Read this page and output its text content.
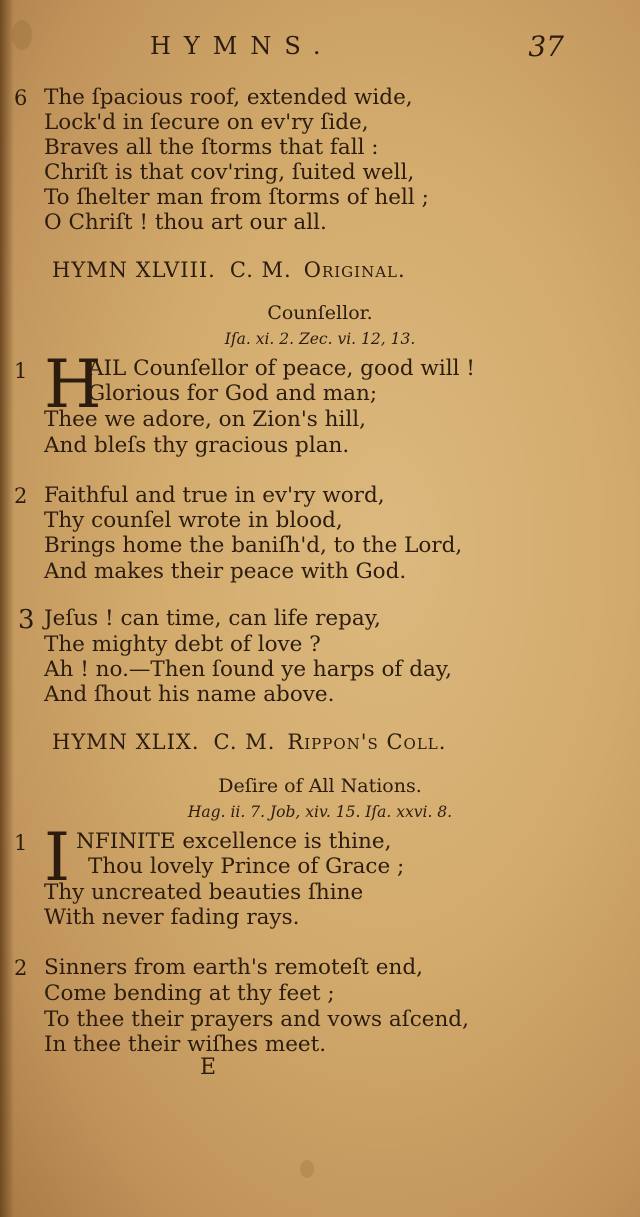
HYMNS.	37
6 The ſpacious roof, extended wide,
Lock'd in ſecure on ev'ry ſide,
Braves all the ſtorms that fall :
Chriſt is that cov'ring, ſuited well,
To ſhelter man from ſtorms of hell ;
O Chriſt ! thou art our all.
HYMN XLVIII. C. M. Original.
Counſellor.
Iſa. xi. 2. Zec. vi. 12, 13.
1 H
AIL Counſellor of peace, good will !
Glorious for God and man;
Thee we adore, on Zion's hill,
And bleſs thy gracious plan.
2 Faithful and true in ev'ry word,
Thy counſel wrote in blood,
Brings home the baniſh'd, to the Lord,
And makes their peace with God.
3 Jeſus ! can time, can life repay,
The mighty debt of love ?
Ah ! no.—Then ſound ye harps of day,
And ſhout his name above.
HYMN XLIX. C. M. Rippon's Coll.
Deſire of All Nations.
Hag. ii. 7. Job, xiv. 15. Iſa. xxvi. 8.
1 I NFINITE excellence is thine,
Thou lovely Prince of Grace ;
Thy uncreated beauties ſhine
With never fading rays.
2 Sinners from earth's remoteſt end,
Come bending at thy feet ;
To thee their prayers and vows aſcend,
In thee their wiſhes meet.
E
